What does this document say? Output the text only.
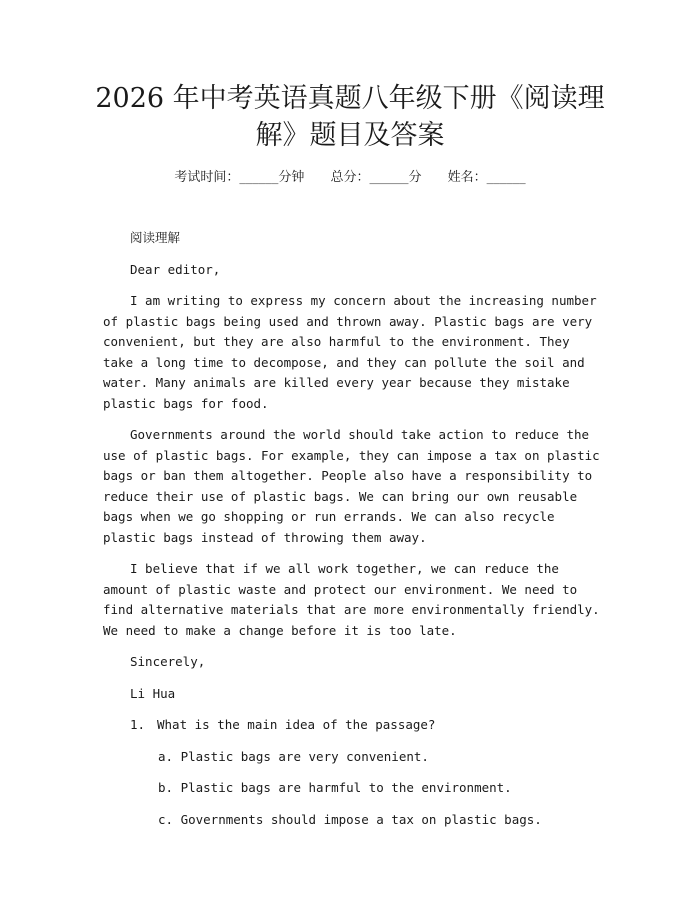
2026 年中考英语真题八年级下册《阅读理
解》题目及答案
考试时间：______分钟 总分：______分 姓名：______

阅读理解

Dear editor,

I am writing to express my concern about the increasing number of plastic bags being used and thrown away. Plastic bags are very convenient, but they are also harmful to the environment. They take a long time to decompose, and they can pollute the soil and water. Many animals are killed every year because they mistake plastic bags for food.

Governments around the world should take action to reduce the use of plastic bags. For example, they can impose a tax on plastic bags or ban them altogether. People also have a responsibility to reduce their use of plastic bags. We can bring our own reusable bags when we go shopping or run errands. We can also recycle plastic bags instead of throwing them away.

I believe that if we all work together, we can reduce the amount of plastic waste and protect our environment. We need to find alternative materials that are more environmentally friendly. We need to make a change before it is too late.

Sincerely,

Li Hua

1. What is the main idea of the passage?

a. Plastic bags are very convenient.

b. Plastic bags are harmful to the environment.

c. Governments should impose a tax on plastic bags.
